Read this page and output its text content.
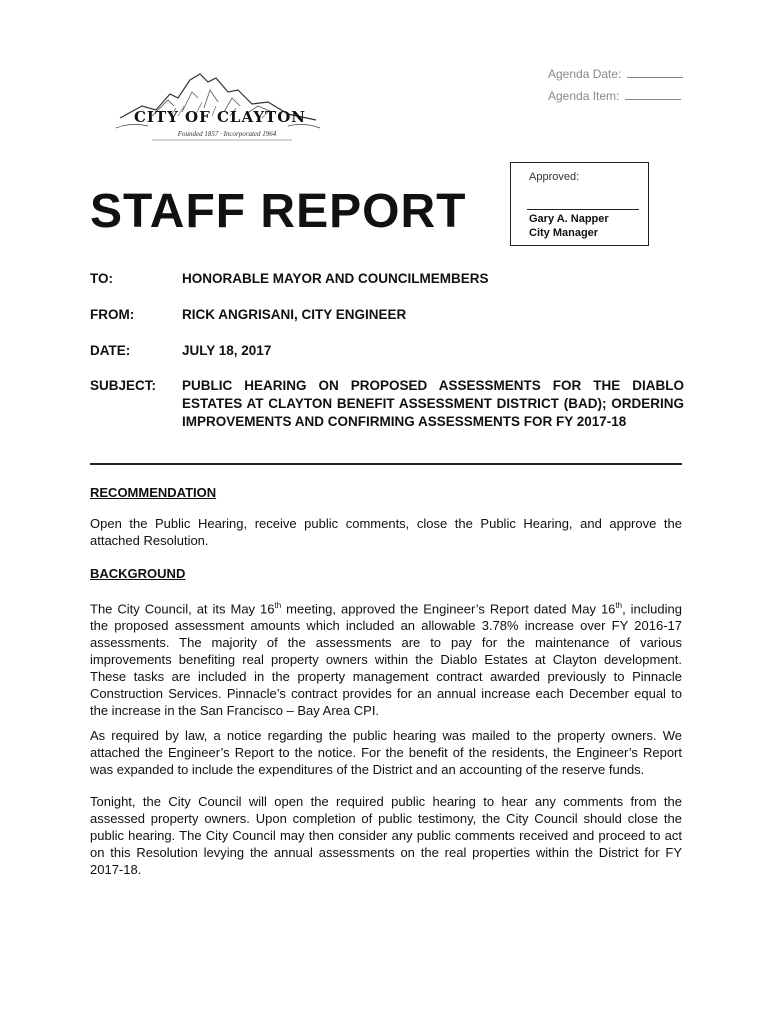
Agenda Date:
Agenda Item:
CITY OF CLAYTON
Founded 1857 · Incorporated 1964
Approved:
Gary A. Napper
City Manager
STAFF REPORT
TO:	HONORABLE MAYOR AND COUNCILMEMBERS
FROM:	RICK ANGRISANI, CITY ENGINEER
DATE:	JULY 18, 2017
SUBJECT:	PUBLIC HEARING ON PROPOSED ASSESSMENTS FOR THE DIABLO ESTATES AT CLAYTON BENEFIT ASSESSMENT DISTRICT (BAD); ORDERING IMPROVEMENTS AND CONFIRMING ASSESSMENTS FOR FY 2017-18
RECOMMENDATION
Open the Public Hearing, receive public comments, close the Public Hearing, and approve the attached Resolution.
BACKGROUND
The City Council, at its May 16th meeting, approved the Engineer’s Report dated May 16th, including the proposed assessment amounts which included an allowable 3.78% increase over FY 2016-17 assessments. The majority of the assessments are to pay for the maintenance of various improvements benefiting real property owners within the Diablo Estates at Clayton development. These tasks are included in the property management contract awarded previously to Pinnacle Construction Services. Pinnacle’s contract provides for an annual increase each December equal to the increase in the San Francisco – Bay Area CPI.
As required by law, a notice regarding the public hearing was mailed to the property owners. We attached the Engineer’s Report to the notice. For the benefit of the residents, the Engineer’s Report was expanded to include the expenditures of the District and an accounting of the reserve funds.
Tonight, the City Council will open the required public hearing to hear any comments from the assessed property owners. Upon completion of public testimony, the City Council should close the public hearing. The City Council may then consider any public comments received and proceed to act on this Resolution levying the annual assessments on the real properties within the District for FY 2017-18.
